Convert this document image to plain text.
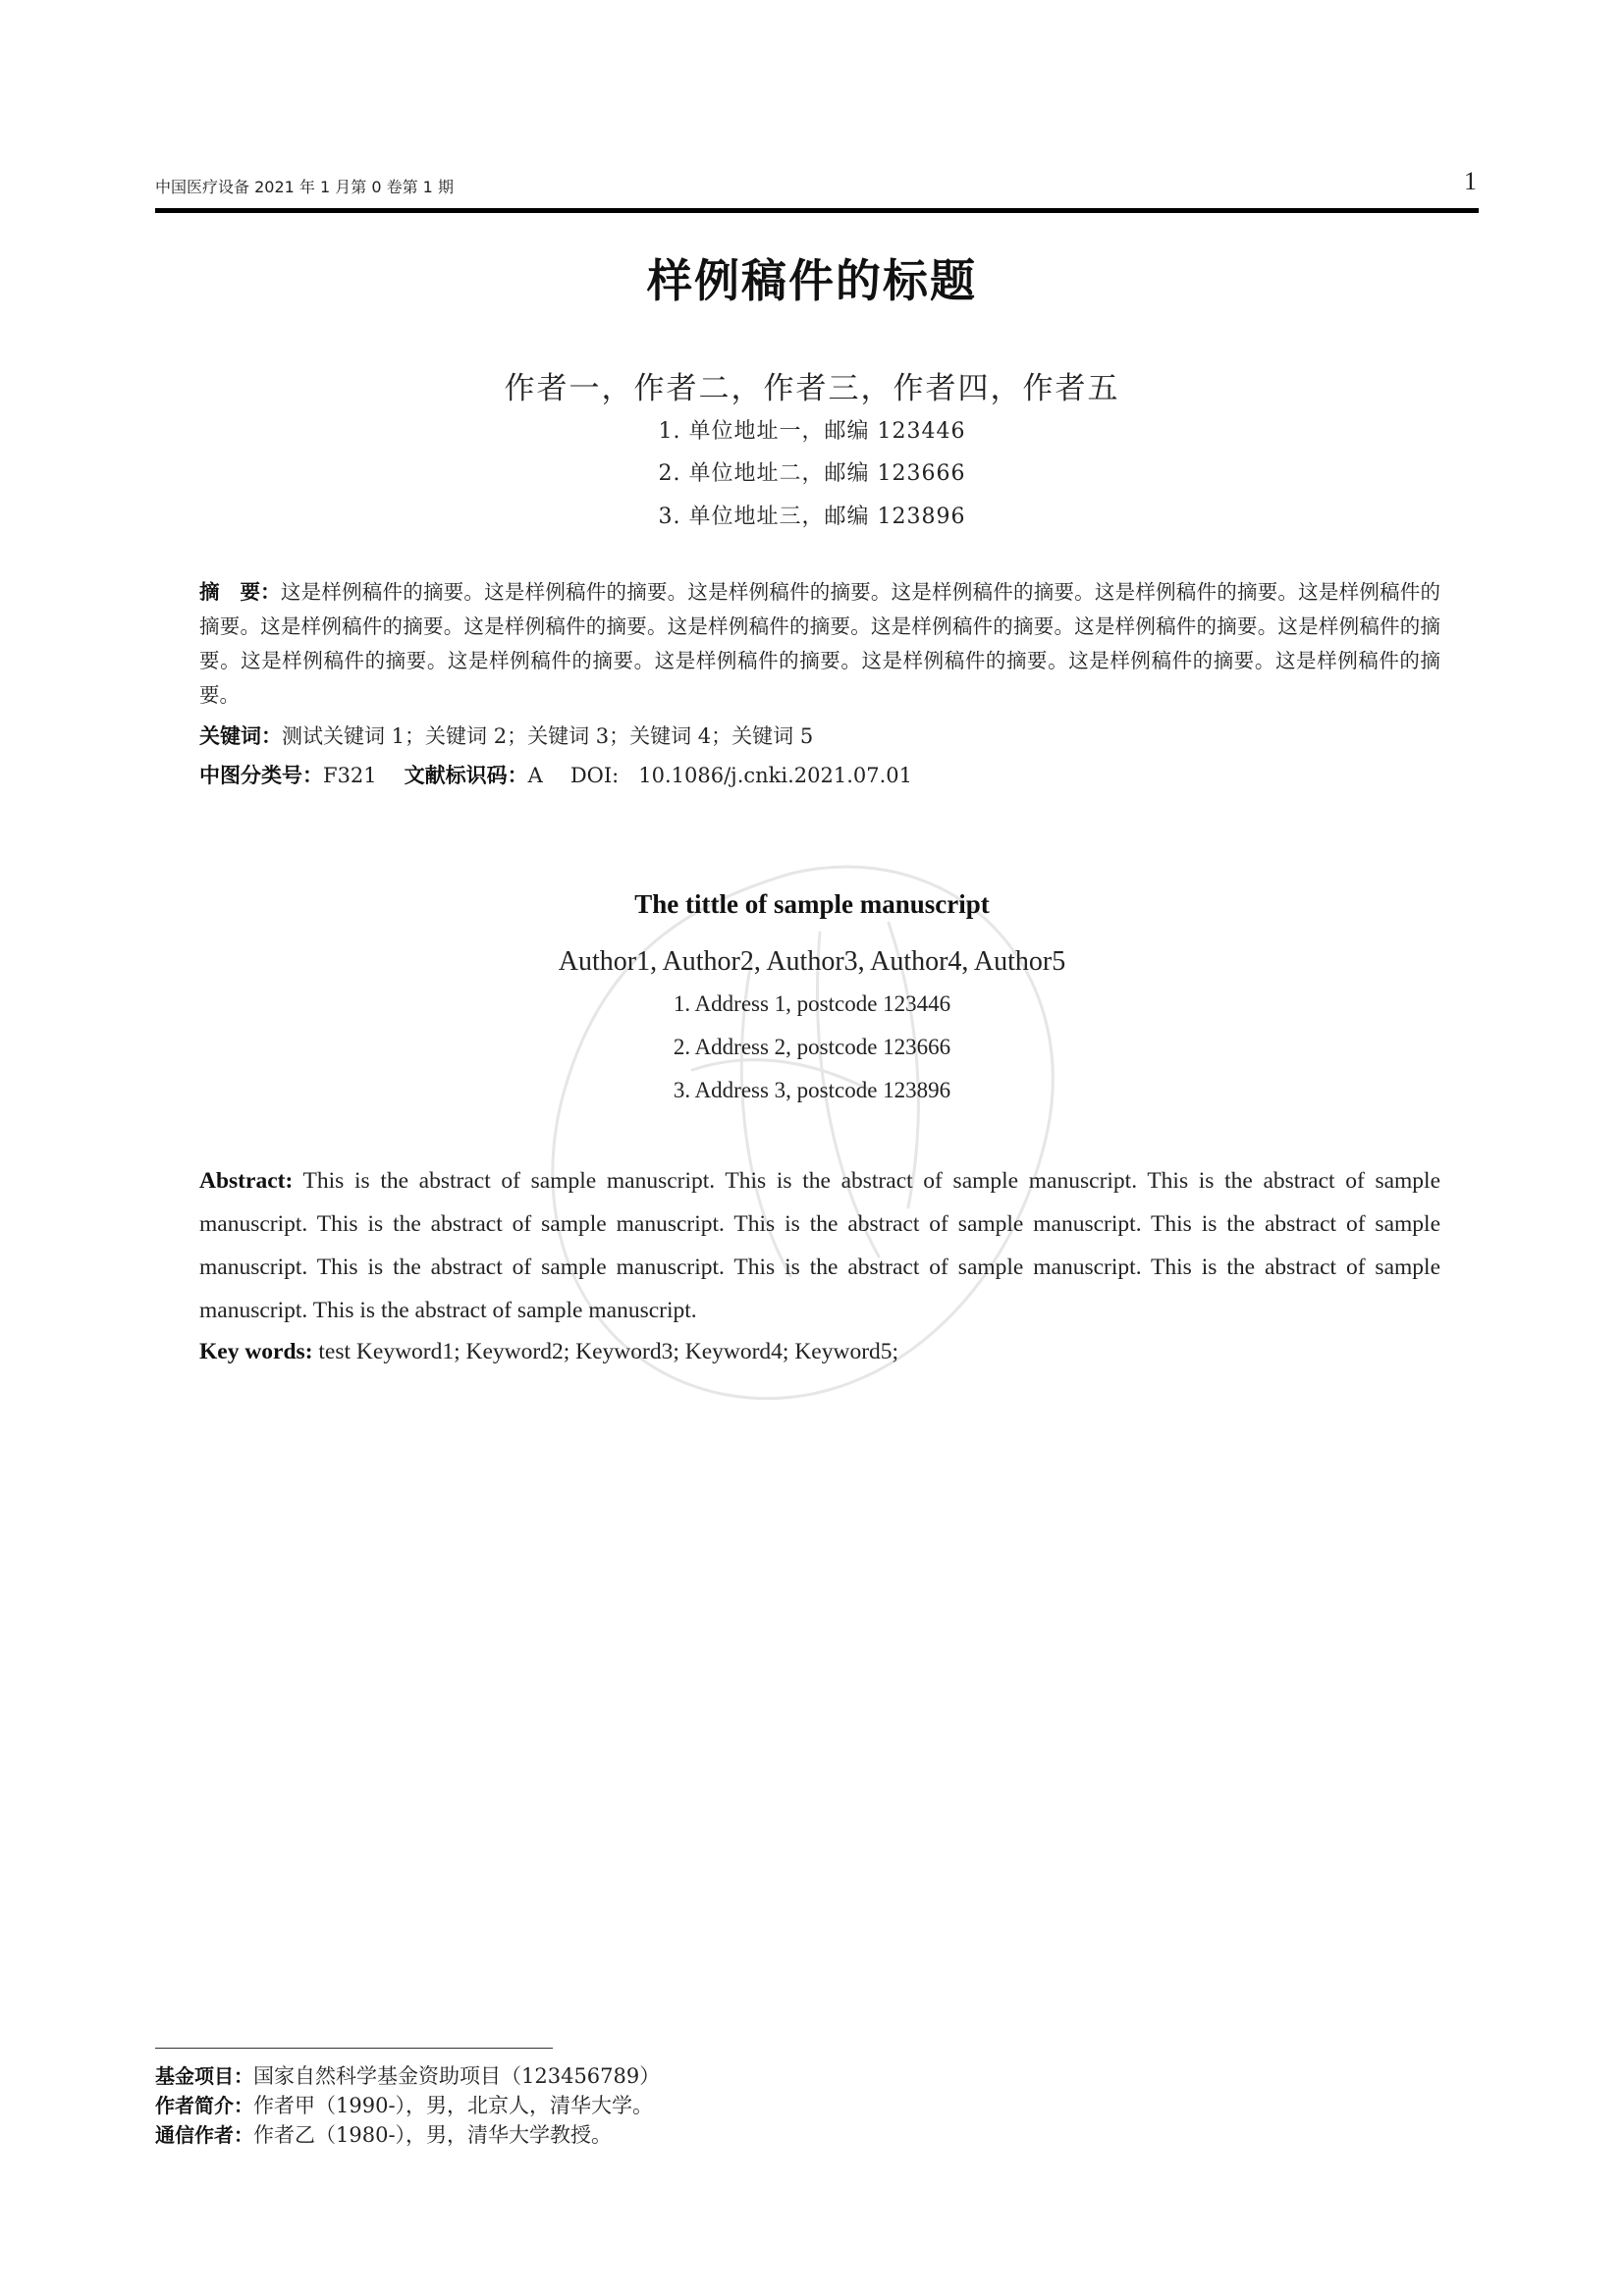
中国医疗设备 2021 年 1 月第 0 卷第 1 期	1
样例稿件的标题
作者一，作者二，作者三，作者四，作者五
1. 单位地址一，邮编 123446
2. 单位地址二，邮编 123666
3. 单位地址三，邮编 123896
摘　要：这是样例稿件的摘要。这是样例稿件的摘要。这是样例稿件的摘要。这是样例稿件的摘要。这是样例稿件的摘要。这是样例稿件的摘要。这是样例稿件的摘要。这是样例稿件的摘要。这是样例稿件的摘要。这是样例稿件的摘要。这是样例稿件的摘要。这是样例稿件的摘要。这是样例稿件的摘要。这是样例稿件的摘要。这是样例稿件的摘要。这是样例稿件的摘要。这是样例稿件的摘要。这是样例稿件的摘要。
关键词：测试关键词 1；关键词 2；关键词 3；关键词 4；关键词 5
中图分类号：F321 文献标识码：A DOI: 10.1086/j.cnki.2021.07.01
The tittle of sample manuscript
Author1, Author2, Author3, Author4, Author5
1. Address 1, postcode 123446
2. Address 2, postcode 123666
3. Address 3, postcode 123896
Abstract: This is the abstract of sample manuscript. This is the abstract of sample manuscript. This is the abstract of sample manuscript. This is the abstract of sample manuscript. This is the abstract of sample manuscript. This is the abstract of sample manuscript. This is the abstract of sample manuscript. This is the abstract of sample manuscript. This is the abstract of sample manuscript. This is the abstract of sample manuscript.
Key words: test Keyword1; Keyword2; Keyword3; Keyword4; Keyword5;
基金项目：国家自然科学基金资助项目（123456789）
作者简介：作者甲（1990-），男，北京人，清华大学。
通信作者：作者乙（1980-），男，清华大学教授。
